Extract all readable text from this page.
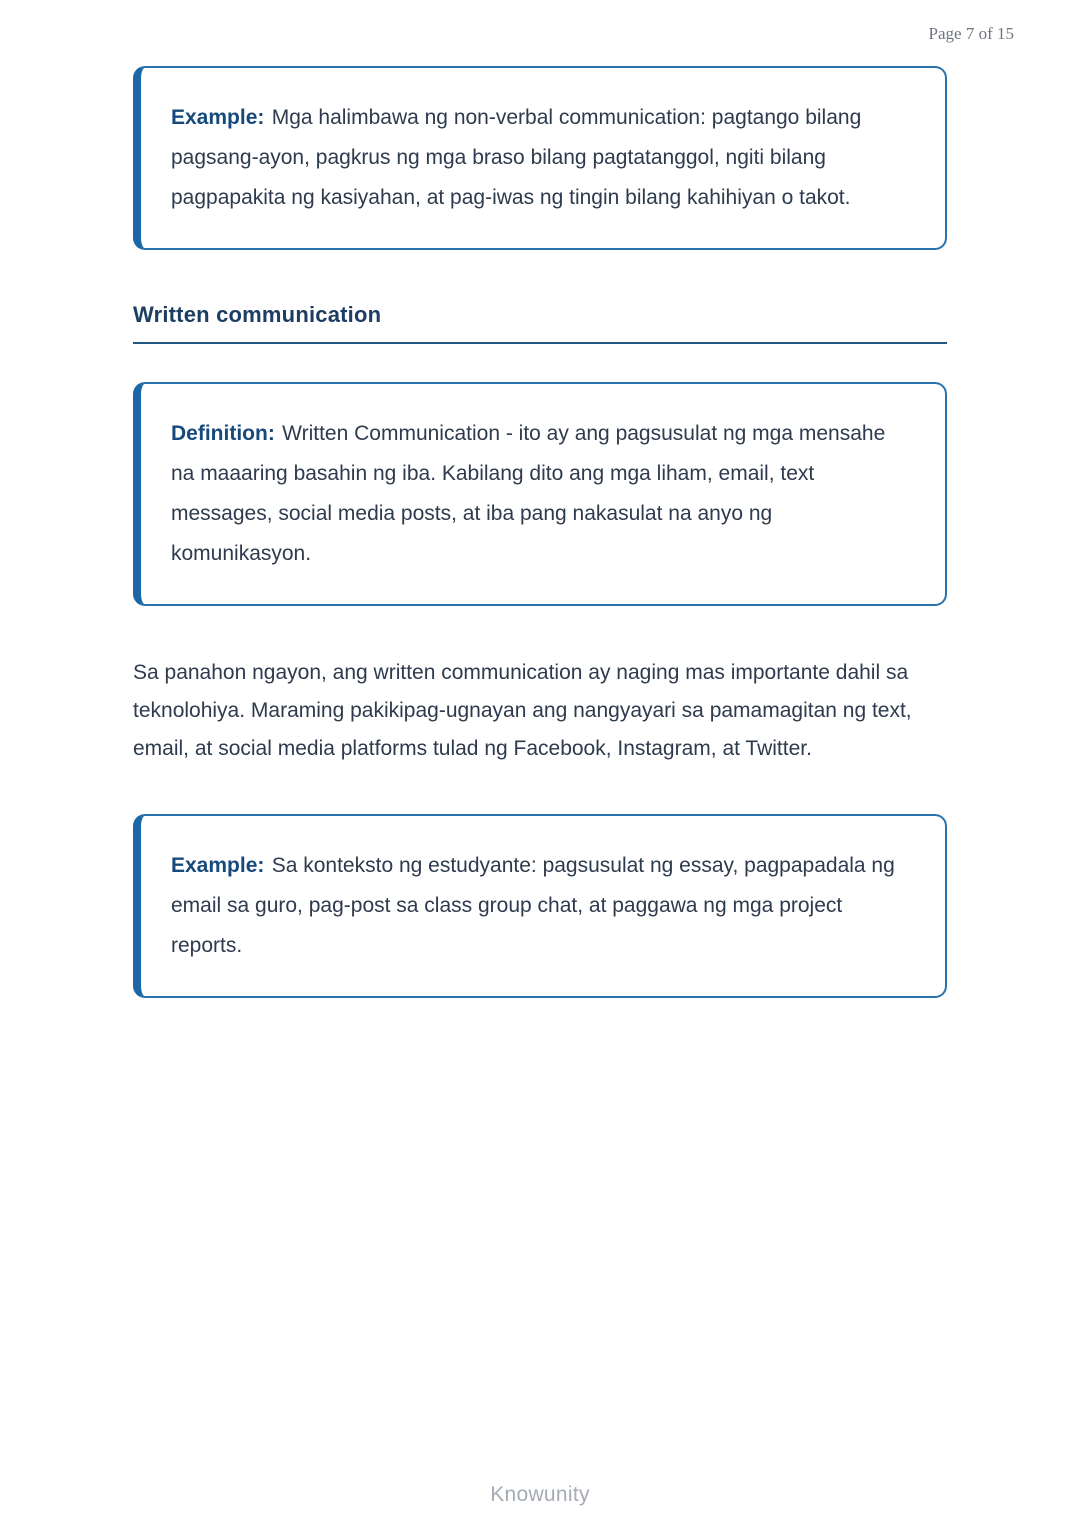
Page 7 of 15

Example: Mga halimbawa ng non-verbal communication: pagtango bilang pagsang-ayon, pagkrus ng mga braso bilang pagtatanggol, ngiti bilang pagpapakita ng kasiyahan, at pag-iwas ng tingin bilang kahihiyan o takot.

Written communication

Definition: Written Communication - ito ay ang pagsusulat ng mga mensahe na maaaring basahin ng iba. Kabilang dito ang mga liham, email, text messages, social media posts, at iba pang nakasulat na anyo ng komunikasyon.

Sa panahon ngayon, ang written communication ay naging mas importante dahil sa teknolohiya. Maraming pakikipag-ugnayan ang nangyayari sa pamamagitan ng text, email, at social media platforms tulad ng Facebook, Instagram, at Twitter.

Example: Sa konteksto ng estudyante: pagsusulat ng essay, pagpapadala ng email sa guro, pag-post sa class group chat, at paggawa ng mga project reports.

Knowunity
